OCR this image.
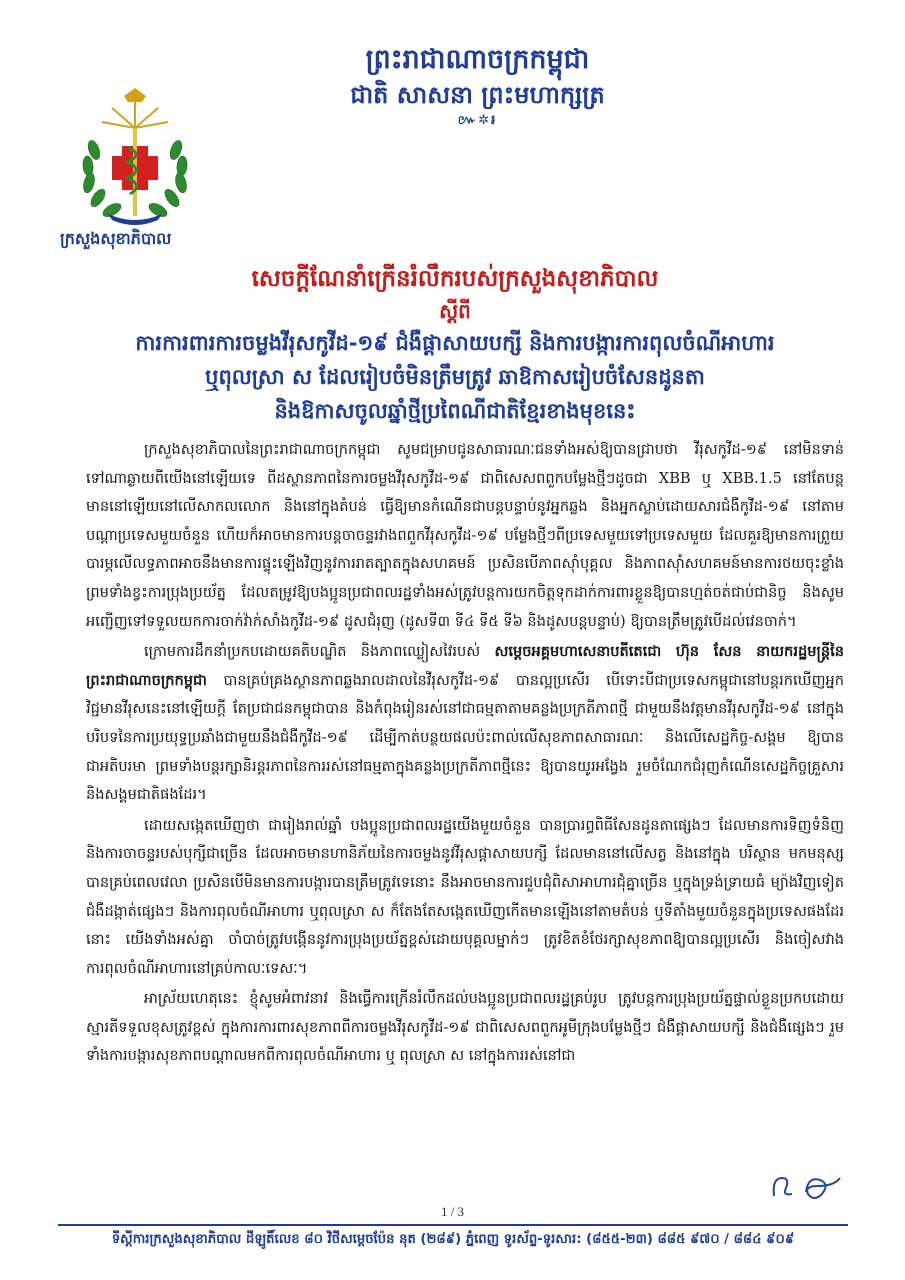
ព្រះរាជាណាចក្រកម្ពុជា
ជាតិ សាសនា ព្រះមហាក្សត្រ
៚✲៛
ក្រសួងសុខាភិបាល
សេចក្តីណែនាំក្រើនរំលឹករបស់ក្រសួងសុខាភិបាល
ស្តីពី
ការការពារការចម្លងវីរុសកូវីដ-១៩ ជំងឺផ្តាសាយបក្សី និងការបង្ការការពុលចំណីអាហារ
ឬពុលស្រា ស ដែលរៀបចំមិនត្រឹមត្រូវ ឆាឱកាសរៀបចំសែនដូនតា
និងឱកាសចូលឆ្នាំថ្មីប្រពៃណីជាតិខ្មែរខាងមុខនេះ

ក្រសួងសុខាភិបាលនៃព្រះរាជាណាចក្រកម្ពុជា សូមជម្រាបជូនសាធារណៈជនទាំងអស់ឱ្យបានជ្រាបថា វីរុសកូវីដ-១៩ នៅមិនទាន់ទៅណាឆ្ងាយពីយើងនៅឡើយទេ ពីដស្ថានភាពនៃការចម្លងវីរុសកូវីដ-១៩ ជាពិសេសពពួកបម្លែងថ្មីៗដូចជា XBB ឬ XBB.1.5 នៅតែបន្តមាននៅឡើយនៅលើសាកលលោក និងនៅក្នុងតំបន់ ធ្វើឱ្យមានកំណើនជាបន្តបន្ទាប់នូវអ្នកឆ្លង និងអ្នកស្លាប់ដោយសារជំងឺកូវីដ-១៩ នៅតាម បណ្តាប្រទេសមួយចំនួន ហើយក៏អាចមានការបន្តចាចន្ទរវាងពពួកវីរុសកូវីដ-១៩ បម្លែងថ្មីៗពីប្រទេសមួយទៅប្រទេសមួយ ដែលគួរឱ្យមានការព្រួយបារម្ភលើលទ្ធភាពអាចនឹងមានការផ្ទុះឡើងវិញនូវការរាតត្បាតក្នុងសហគមន៍ ប្រសិនបើភាពស៊ាំបុគ្គល និងភាពស៊ាំសហគមន៍មានការថយចុះខ្លាំង ព្រមទាំងខ្វះការប្រុងប្រយ័ត្ន ដែលតម្រូវឱ្យបងប្អូនប្រជាពលរដ្ឋទាំងអស់ត្រូវបន្តការយកចិត្តទុកដាក់ការពារខ្លួនឱ្យបានហ្មត់ចត់ជាប់ជានិច្ច និងសូមអញ្ជើញទៅទទួលយកការចាក់វ៉ាក់សាំងកូវីដ-១៩ ដូសជំរុញ (ដូសទី៣ ទី៤ ទី៥ ទី៦ និងដូសបន្តបន្ទាប់) ឱ្យបានត្រឹមត្រូវបើដល់វេនចាក់។

ក្រោមការដឹកនាំប្រកបដោយគតិបណ្ឌិត និងភាពឈ្លៀសវៃរបស់ សម្តេចអគ្គមហាសេនាបតីតេជោ ហ៊ុន សែន នាយករដ្ឋមន្ត្រីនៃព្រះរាជាណាចក្រកម្ពុជា បានគ្រប់គ្រងស្ថានភាពឆ្លងរាលដាលនៃវីរុសកូវីដ-១៩ បានល្អប្រសើរ បើទោះបីជាប្រទេសកម្ពុជានៅបន្តរកឃើញអ្នកវិជ្ជមានវីរុសនេះនៅឡើយក្តី តែប្រជាជនកម្ពុជាបាន និងកំពុងរៀនរស់នៅជាធម្មតាតាមគន្លងប្រក្រតីភាពថ្មី ជាមួយនឹងវត្តមានវីរុសកូវីដ-១៩ នៅក្នុងបរិបទនៃការប្រយុទ្ធប្រឆាំងជាមួយនឹងជំងឺកូវីដ-១៩ ដើម្បីកាត់បន្ថយផលប៉ះពាល់លើសុខភាពសាធារណៈ និងលើសេដ្ឋកិច្ច-សង្គម ឱ្យបានជាអតិបរមា ព្រមទាំងបន្តរក្សានិរន្តរភាពនៃការរស់នៅធម្មតាក្នុងគន្លងប្រក្រតីភាពថ្មីនេះ ឱ្យបានយូរអង្វែង រួមចំណែកជំរុញកំណើនសេដ្ឋកិច្ចគ្រួសារ និងសង្គមជាតិផងដែរ។

ដោយសង្កេតឃើញថា ជារៀងរាល់ឆ្នាំ បងប្អូនប្រជាពលរដ្ឋយើងមួយចំនួន បានប្រារព្ធពិធីសែនដូនតាផ្សេងៗ ដែលមានការទិញទំនិញ និងការចាចន្ទរបស់បុក្សីជាច្រើន ដែលអាចមានហានិភ័យនៃការចម្លងនូវវីរុសផ្តាសាយបក្សី ដែលមាននៅលើសត្វ និងនៅក្នុង បរិស្ថាន មកមនុស្សបានគ្រប់ពេលវេលា ប្រសិនបើមិនមានការបង្ការបានត្រឹមត្រូវទេនោះ នឹងអាចមានការជួបជុំពិសាអាហារជុំគ្នាច្រើន ឬក្នុងទ្រង់ទ្រាយធំ ម្យ៉ាងវិញទៀត ជំងឺដង្កាត់ផ្សេងៗ និងការពុលចំណីអាហារ ឬពុលស្រា ស ក៏តែងតែសង្កេតឃើញកើតមានឡើងនៅតាមតំបន់ ឬទីតាំងមួយចំនួនក្នុងប្រទេសផងដែរនោះ យើងទាំងអស់គ្នា ចាំបាច់ត្រូវបង្កើននូវការប្រុងប្រយ័ត្នខ្ពស់ដោយបុគ្គលម្នាក់ៗ ត្រូវខិតខំថែរក្សាសុខភាពឱ្យបានល្អប្រសើរ និងចៀសវាងការពុលចំណីអាហារនៅគ្រប់កាលៈទេសៈ។

អាស្រ័យហេតុនេះ ខ្ញុំសូមអំពាវនាវ និងធ្វើការក្រើនរំលឹកដល់បងប្អូនប្រជាពលរដ្ឋគ្រប់រូប ត្រូវបន្តការប្រុងប្រយ័ត្នផ្ទាល់ខ្លួនប្រកបដោយស្មារតីទទួលខុសត្រូវខ្ពស់ ក្នុងការការពារសុខភាពពីការចម្លងវីរុសកូវីដ-១៩ ជាពិសេសពពួកអូមីក្រុងបម្លែងថ្មីៗ ជំងឺផ្តាសាយបក្សី និងជំងឺផ្សេងៗ រួមទាំងការបង្ការសុខភាពបណ្តាលមកពីការពុលចំណីអាហារ ឬ ពុលស្រា ស នៅក្នុងការរស់នៅជា

1 / 3
ទីស្តីការក្រសួងសុខាភិបាល ដីឡូតិ៍លេខ ៨០ វិថីសម្តេចប៉ែន នុត (២៨៩) ភ្នំពេញ ទូរស័ព្ទ-ទូរសារ: (៨៥៥-២៣) ៨៨៥ ៩៧០ / ៨៨៤ ៩០៩
